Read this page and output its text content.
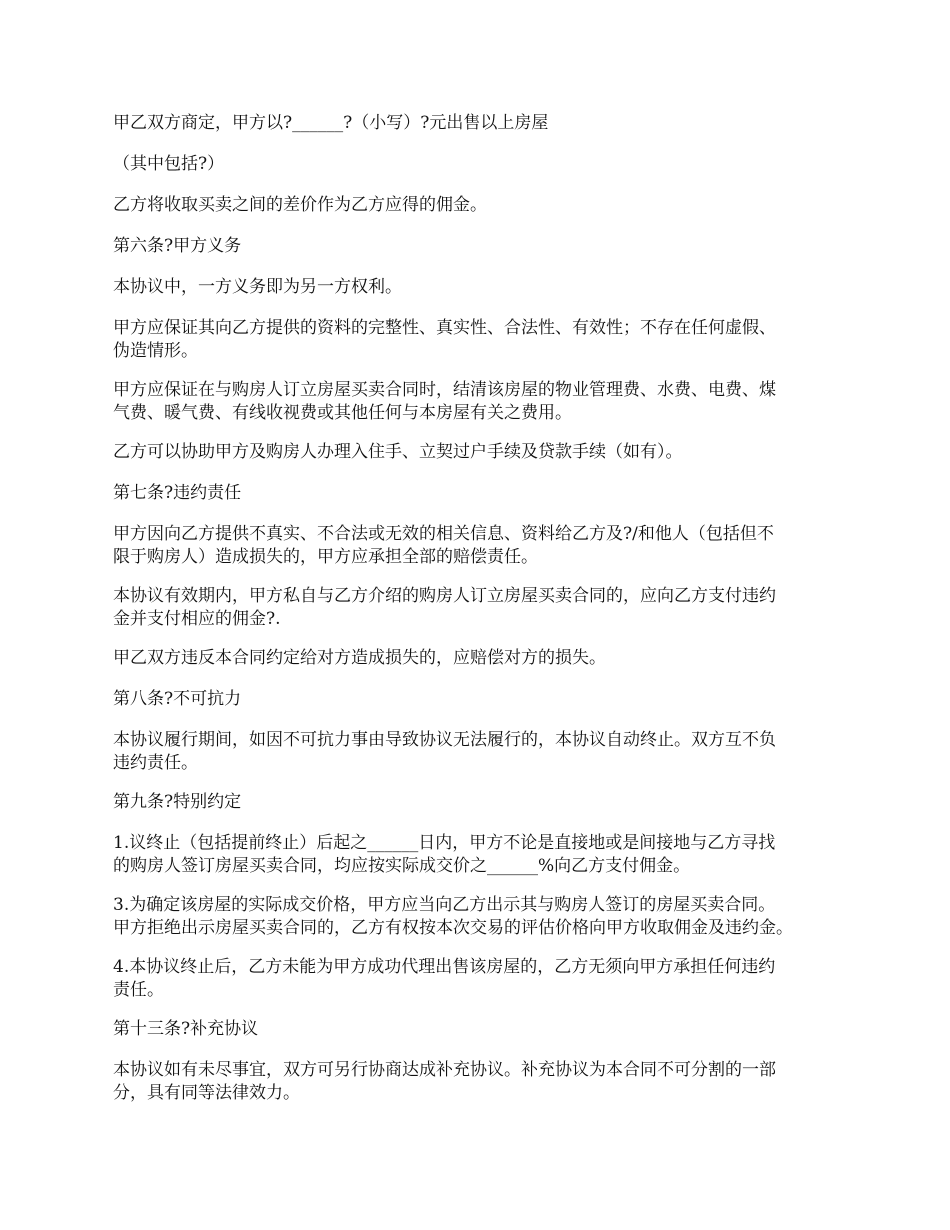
甲乙双方商定，甲方以?______?（小写）?元出售以上房屋

（其中包括?）

乙方将收取买卖之间的差价作为乙方应得的佣金。

第六条?甲方义务

本协议中，一方义务即为另一方权利。

甲方应保证其向乙方提供的资料的完整性、真实性、合法性、有效性；不存在任何虚假、
伪造情形。

甲方应保证在与购房人订立房屋买卖合同时，结清该房屋的物业管理费、水费、电费、煤
气费、暖气费、有线收视费或其他任何与本房屋有关之费用。

乙方可以协助甲方及购房人办理入住手、立契过户手续及贷款手续（如有）。

第七条?违约责任

甲方因向乙方提供不真实、不合法或无效的相关信息、资料给乙方及?/和他人（包括但不
限于购房人）造成损失的，甲方应承担全部的赔偿责任。

本协议有效期内，甲方私自与乙方介绍的购房人订立房屋买卖合同的，应向乙方支付违约
金并支付相应的佣金?.

甲乙双方违反本合同约定给对方造成损失的，应赔偿对方的损失。

第八条?不可抗力

本协议履行期间，如因不可抗力事由导致协议无法履行的，本协议自动终止。双方互不负
违约责任。

第九条?特别约定

1.议终止（包括提前终止）后起之______日内，甲方不论是直接地或是间接地与乙方寻找
的购房人签订房屋买卖合同，均应按实际成交价之______%向乙方支付佣金。

3.为确定该房屋的实际成交价格，甲方应当向乙方出示其与购房人签订的房屋买卖合同。
甲方拒绝出示房屋买卖合同的，乙方有权按本次交易的评估价格向甲方收取佣金及违约金。

4.本协议终止后，乙方未能为甲方成功代理出售该房屋的，乙方无须向甲方承担任何违约
责任。

第十三条?补充协议

本协议如有未尽事宜，双方可另行协商达成补充协议。补充协议为本合同不可分割的一部
分，具有同等法律效力。
